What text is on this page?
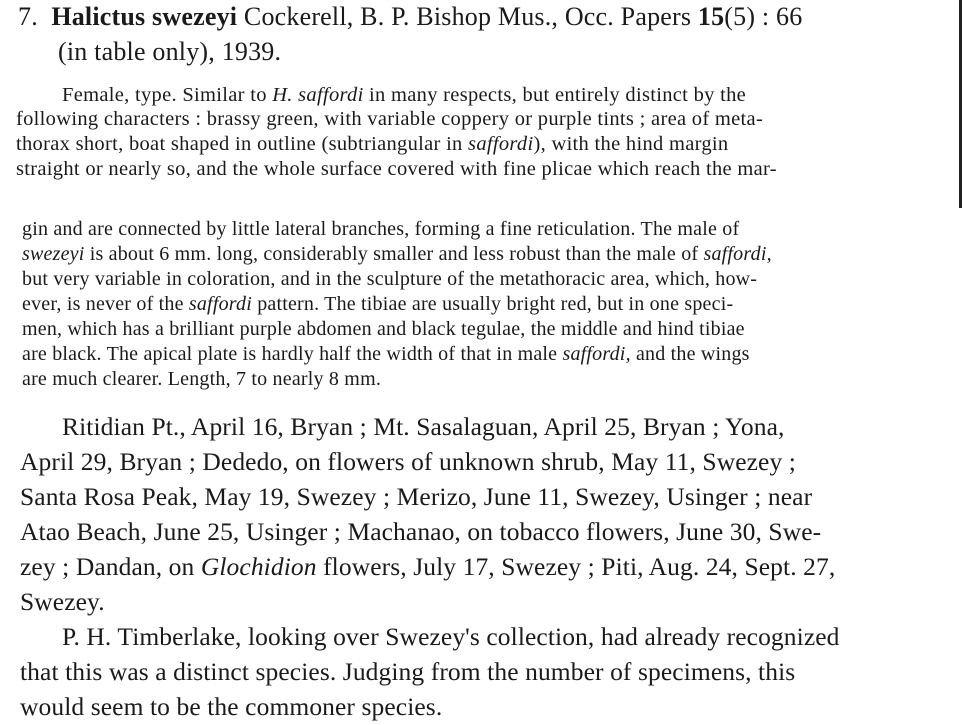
7. Halictus swezeyi Cockerell, B. P. Bishop Mus., Occ. Papers 15(5) : 66
(in table only), 1939.
Female, type. Similar to H. saffordi in many respects, but entirely distinct by the
following characters : brassy green, with variable coppery or purple tints ; area of meta-
thorax short, boat shaped in outline (subtriangular in saffordi), with the hind margin
straight or nearly so, and the whole surface covered with fine plicae which reach the mar-
gin and are connected by little lateral branches, forming a fine reticulation. The male of
swezeyi is about 6 mm. long, considerably smaller and less robust than the male of saffordi,
but very variable in coloration, and in the sculpture of the metathoracic area, which, how-
ever, is never of the saffordi pattern. The tibiae are usually bright red, but in one speci-
men, which has a brilliant purple abdomen and black tegulae, the middle and hind tibiae
are black. The apical plate is hardly half the width of that in male saffordi, and the wings
are much clearer. Length, 7 to nearly 8 mm.
Ritidian Pt., April 16, Bryan ; Mt. Sasalaguan, April 25, Bryan ; Yona,
April 29, Bryan ; Dededo, on flowers of unknown shrub, May 11, Swezey ;
Santa Rosa Peak, May 19, Swezey ; Merizo, June 11, Swezey, Usinger ; near
Atao Beach, June 25, Usinger ; Machanao, on tobacco flowers, June 30, Swe-
zey ; Dandan, on Glochidion flowers, July 17, Swezey ; Piti, Aug. 24, Sept. 27,
Swezey.
P. H. Timberlake, looking over Swezey's collection, had already recognized
that this was a distinct species. Judging from the number of specimens, this
would seem to be the commoner species.
